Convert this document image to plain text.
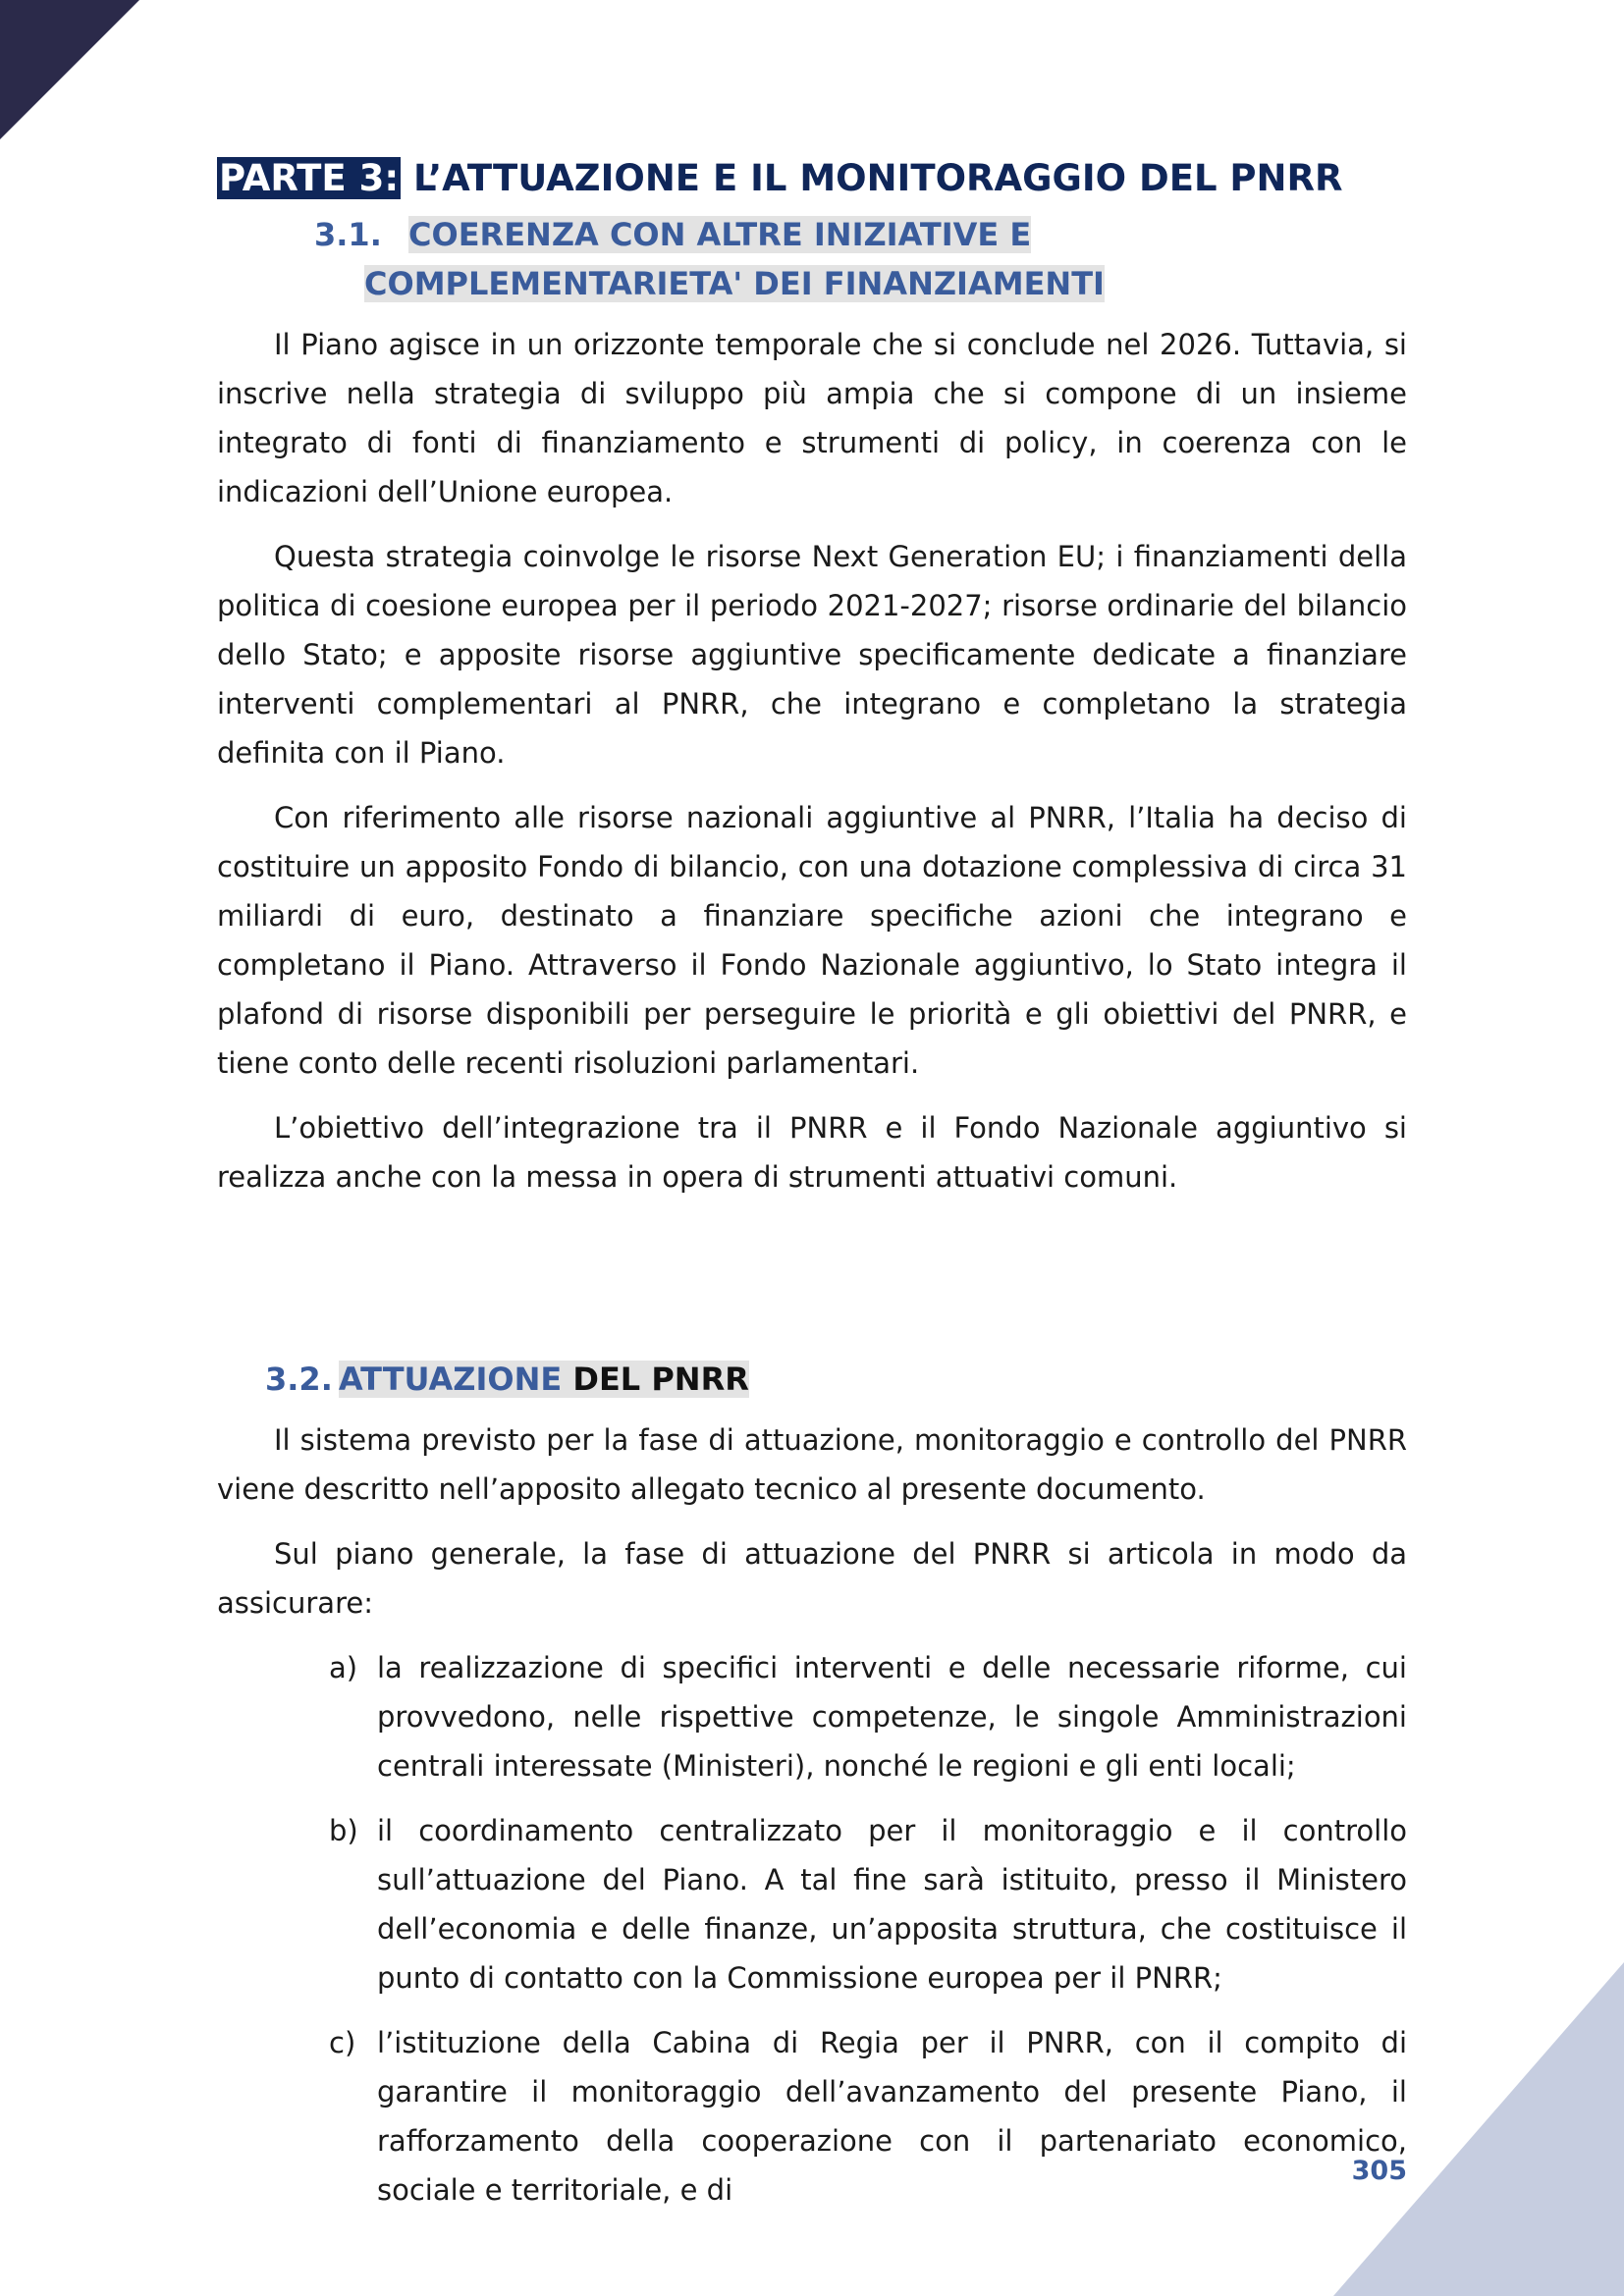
PARTE 3: L’ATTUAZIONE E IL MONITORAGGIO DEL PNRR
3.1. COERENZA CON ALTRE INIZIATIVE E
COMPLEMENTARIETA' DEI FINANZIAMENTI

Il Piano agisce in un orizzonte temporale che si conclude nel 2026. Tuttavia, si inscrive nella strategia di sviluppo più ampia che si compone di un insieme integrato di fonti di finanziamento e strumenti di policy, in coerenza con le indicazioni dell’Unione europea.

Questa strategia coinvolge le risorse Next Generation EU; i finanziamenti della politica di coesione europea per il periodo 2021-2027; risorse ordinarie del bilancio dello Stato; e apposite risorse aggiuntive specificamente dedicate a finanziare interventi complementari al PNRR, che integrano e completano la strategia definita con il Piano.

Con riferimento alle risorse nazionali aggiuntive al PNRR, l’Italia ha deciso di costituire un apposito Fondo di bilancio, con una dotazione complessiva di circa 31 miliardi di euro, destinato a finanziare specifiche azioni che integrano e completano il Piano. Attraverso il Fondo Nazionale aggiuntivo, lo Stato integra il plafond di risorse disponibili per perseguire le priorità e gli obiettivi del PNRR, e tiene conto delle recenti risoluzioni parlamentari.

L’obiettivo dell’integrazione tra il PNRR e il Fondo Nazionale aggiuntivo si realizza anche con la messa in opera di strumenti attuativi comuni.

3.2. ATTUAZIONE DEL PNRR

Il sistema previsto per la fase di attuazione, monitoraggio e controllo del PNRR viene descritto nell’apposito allegato tecnico al presente documento.

Sul piano generale, la fase di attuazione del PNRR si articola in modo da assicurare:

a) la realizzazione di specifici interventi e delle necessarie riforme, cui provvedono, nelle rispettive competenze, le singole Amministrazioni centrali interessate (Ministeri), nonché le regioni e gli enti locali;
b) il coordinamento centralizzato per il monitoraggio e il controllo sull’attuazione del Piano. A tal fine sarà istituito, presso il Ministero dell’economia e delle finanze, un’apposita struttura, che costituisce il punto di contatto con la Commissione europea per il PNRR;
c) l’istituzione della Cabina di Regia per il PNRR, con il compito di garantire il monitoraggio dell’avanzamento del presente Piano, il rafforzamento della cooperazione con il partenariato economico, sociale e territoriale, e di
305
